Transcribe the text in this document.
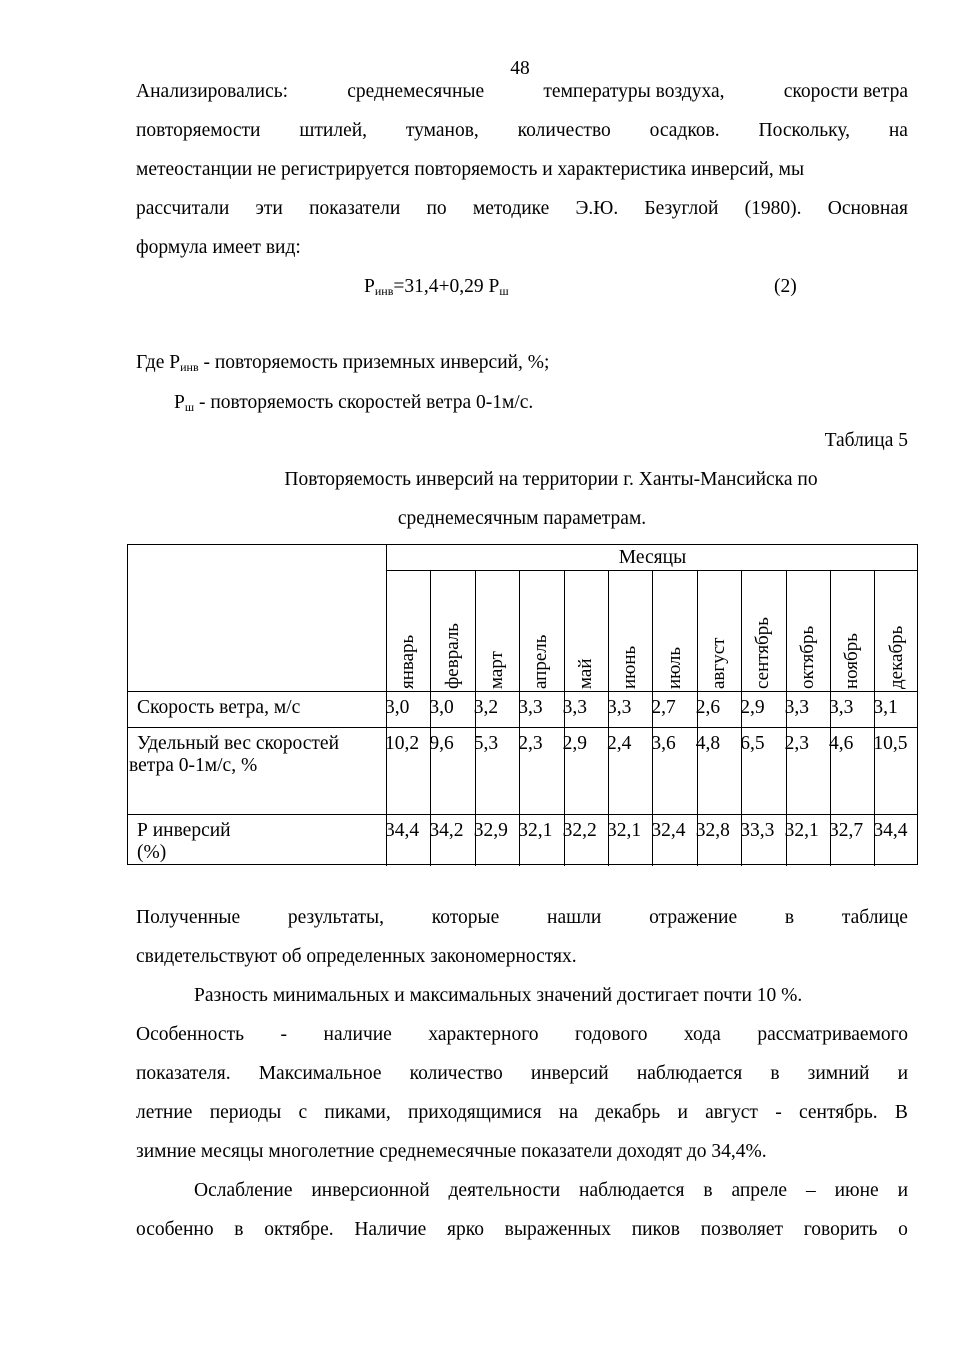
48
Анализировались:	среднемесячные	температуры воздуха,	скорости ветра
повторяемости штилей, туманов, количество осадков. Поскольку, на
метеостанции не регистрируется повторяемость и характеристика инверсий, мы
рассчитали эти показатели по методике Э.Ю. Безуглой (1980). Основная
формула имеет вид:
$Р_{инв}=31,4+0,29$ $Р_ш$	(2)
Где $Р_{инв}$ - повторяемость приземных инверсий, %;
$Р_ш$ - повторяемость скоростей ветра 0-1м/с.
Таблица 5
Повторяемость инверсий на территории г. Ханты-Мансийска по
среднемесячным параметрам.
Месяцы
январь февраль март апрель май июнь июль август сентябрь октябрь ноябрь декабрь
Скорость ветра, м/с	3,0 3,0 3,2 3,3 3,3 3,3 2,7 2,6 2,9 3,3 3,3 3,1
Удельный вес скоростей
ветра 0-1м/с, %
10,2 9,6 5,3 2,3 2,9 2,4 3,6 4,8 6,5 2,3 4,6 10,5
Р инверсий
(%)
34,4 34,2 32,9 32,1 32,2 32,1 32,4 32,8 33,3 32,1 32,7 34,4
Полученные результаты, которые нашли отражение в таблице
свидетельствуют об определенных закономерностях.
Разность минимальных и максимальных значений достигает почти 10 %.
Особенность - наличие характерного годового хода рассматриваемого
показателя. Максимальное количество инверсий наблюдается в зимний и
летние периоды с пиками, приходящимися на декабрь и август - сентябрь. В
зимние месяцы многолетние среднемесячные показатели доходят до 34,4%.
Ослабление инверсионной деятельности наблюдается в апреле – июне и
особенно в октябре. Наличие ярко выраженных пиков позволяет говорить о
